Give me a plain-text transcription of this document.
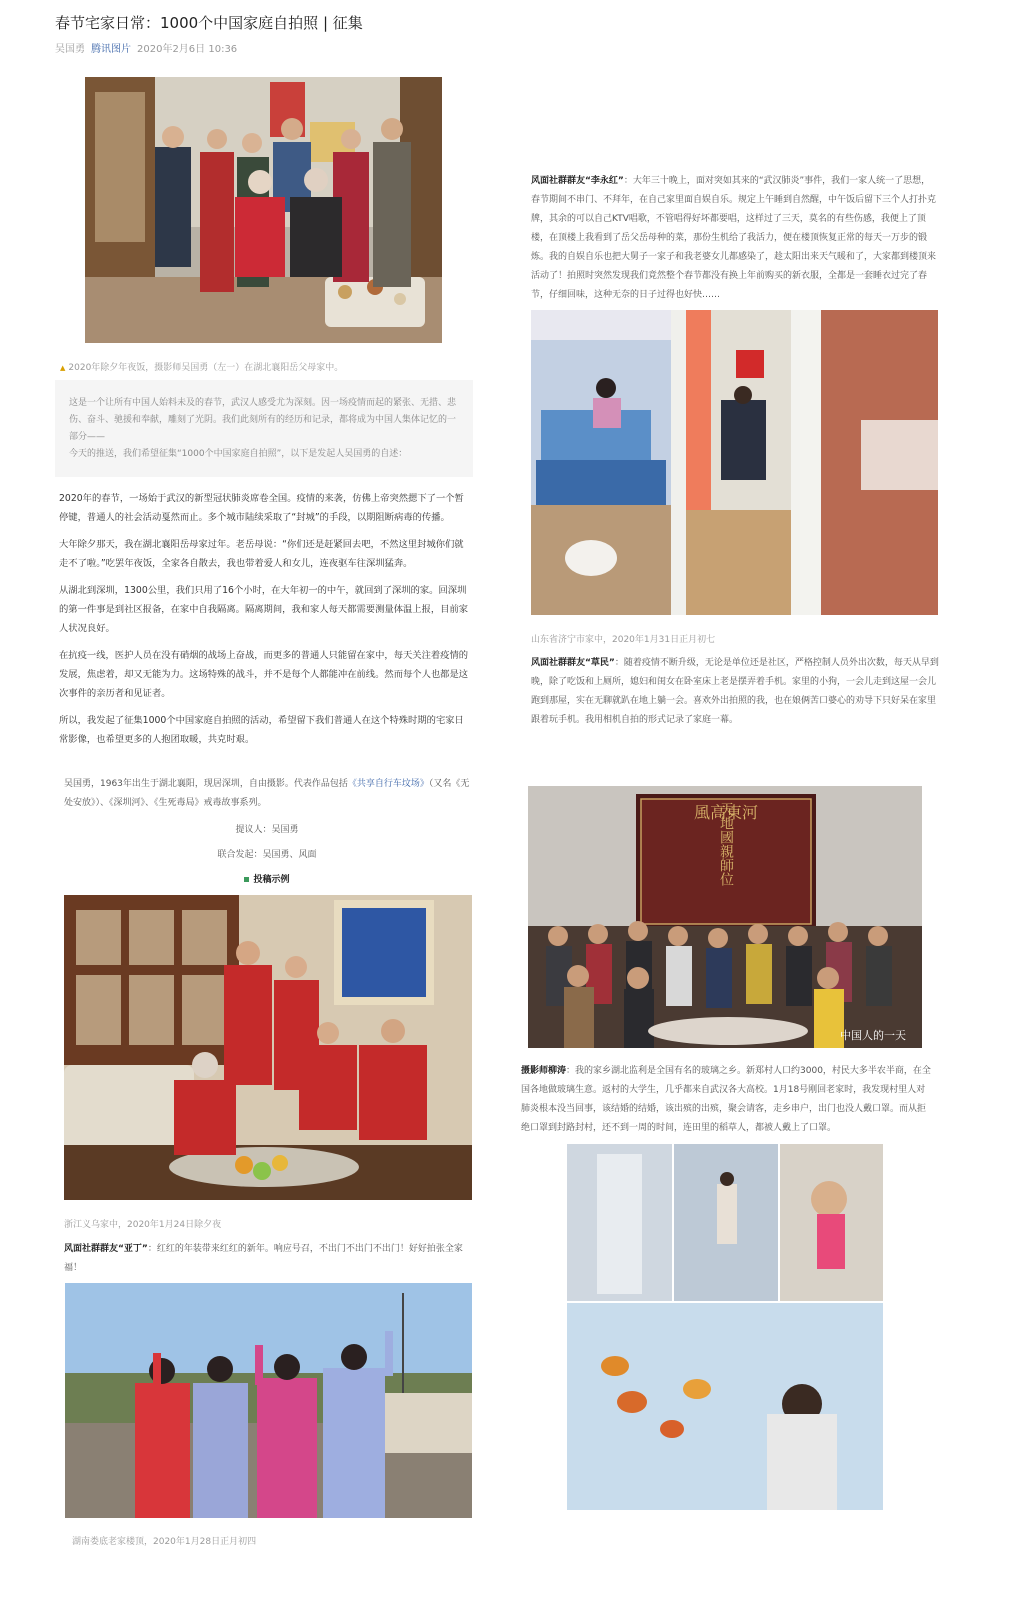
春节宅家日常：1000个中国家庭自拍照 | 征集
吴国勇 腾讯图片 2020年2月6日 10:36
▲ 2020年除夕年夜饭，摄影师吴国勇（左一）在湖北襄阳岳父母家中。

这是一个让所有中国人始料未及的春节，武汉人感受尤为深刻。因一场疫情而起的紧张、无措、悲伤、奋斗、驰援和奉献，雕刻了光阴。我们此刻所有的经历和记录，都将成为中国人集体记忆的一部分——

今天的推送，我们希望征集“1000个中国家庭自拍照”，以下是发起人吴国勇的自述：

2020年的春节，一场始于武汉的新型冠状肺炎席卷全国。疫情的来袭，仿佛上帝突然摁下了一个暂停键，普通人的社会活动戛然而止。多个城市陆续采取了“封城”的手段，以期阻断病毒的传播。

大年除夕那天，我在湖北襄阳岳母家过年。老岳母说：“你们还是赶紧回去吧，不然这里封城你们就走不了啦。”吃罢年夜饭，全家各自散去，我也带着爱人和女儿，连夜驱车往深圳猛奔。

从湖北到深圳，1300公里，我们只用了16个小时，在大年初一的中午，就回到了深圳的家。回深圳的第一件事是到社区报备，在家中自我隔离。隔离期间，我和家人每天都需要测量体温上报，目前家人状况良好。

在抗疫一线，医护人员在没有硝烟的战场上奋战，而更多的普通人只能留在家中，每天关注着疫情的发展，焦虑着，却又无能为力。这场特殊的战斗，并不是每个人都能冲在前线。然而每个人也都是这次事件的亲历者和见证者。

所以，我发起了征集1000个中国家庭自拍照的活动，希望留下我们普通人在这个特殊时期的宅家日常影像，也希望更多的人抱团取暖，共克时艰。

吴国勇，1963年出生于湖北襄阳，现居深圳，自由摄影。代表作品包括《共享自行车坟场》（又名《无处安放》）、《深圳河》、《生死毒局》戒毒故事系列。
提议人：吴国勇
联合发起：吴国勇、风面
投稿示例
浙江义乌家中，2020年1月24日除夕夜
风面社群群友“亚丁”：红红的年装带来红红的新年。响应号召，不出门不出门不出门！好好拍张全家福！
湖南娄底老家楼顶，2020年1月28日正月初四
风面社群群友“李永红”：大年三十晚上，面对突如其来的“武汉肺炎”事件，我们一家人统一了思想，春节期间不串门、不拜年，在自己家里面自娱自乐。规定上午睡到自然醒，中午饭后留下三个人打扑克牌，其余的可以自己KTV唱歌，不管唱得好坏都要唱，这样过了三天，莫名的有些伤感，我便上了顶楼，在顶楼上我看到了岳父岳母种的菜，那份生机给了我活力，便在楼顶恢复正常的每天一万步的锻炼。我的自娱自乐也把大舅子一家子和我老婆女儿都感染了，趁太阳出来天气暖和了，大家都到楼顶来活动了！拍照时突然发现我们竟然整个春节都没有换上年前购买的新衣服，全都是一套睡衣过完了春节，仔细回味，这种无奈的日子过得也好快……
山东省济宁市家中，2020年1月31日正月初七
风面社群群友“草民”：随着疫情不断升级，无论是单位还是社区，严格控制人员外出次数，每天从早到晚，除了吃饭和上厕所，媳妇和闺女在卧室床上老是摆弄着手机。家里的小狗，一会儿走到这屋一会儿跑到那屋，实在无聊就趴在地上躺一会。喜欢外出拍照的我，也在娘俩苦口婆心的劝导下只好呆在家里跟着玩手机。我用相机自拍的形式记录了家庭一幕。
風高東河
天地國親師位
中国人的一天
摄影师柳涛：我的家乡湖北监利是全国有名的玻璃之乡。新郑村人口约3000，村民大多半农半商，在全国各地做玻璃生意。返村的大学生，几乎都来自武汉各大高校。1月18号刚回老家时，我发现村里人对肺炎根本没当回事，该结婚的结婚，该出殡的出殡，聚会请客，走乡串户，出门也没人戴口罩。而从拒绝口罩到封路封村，还不到一周的时间，连田里的稻草人，都被人戴上了口罩。
